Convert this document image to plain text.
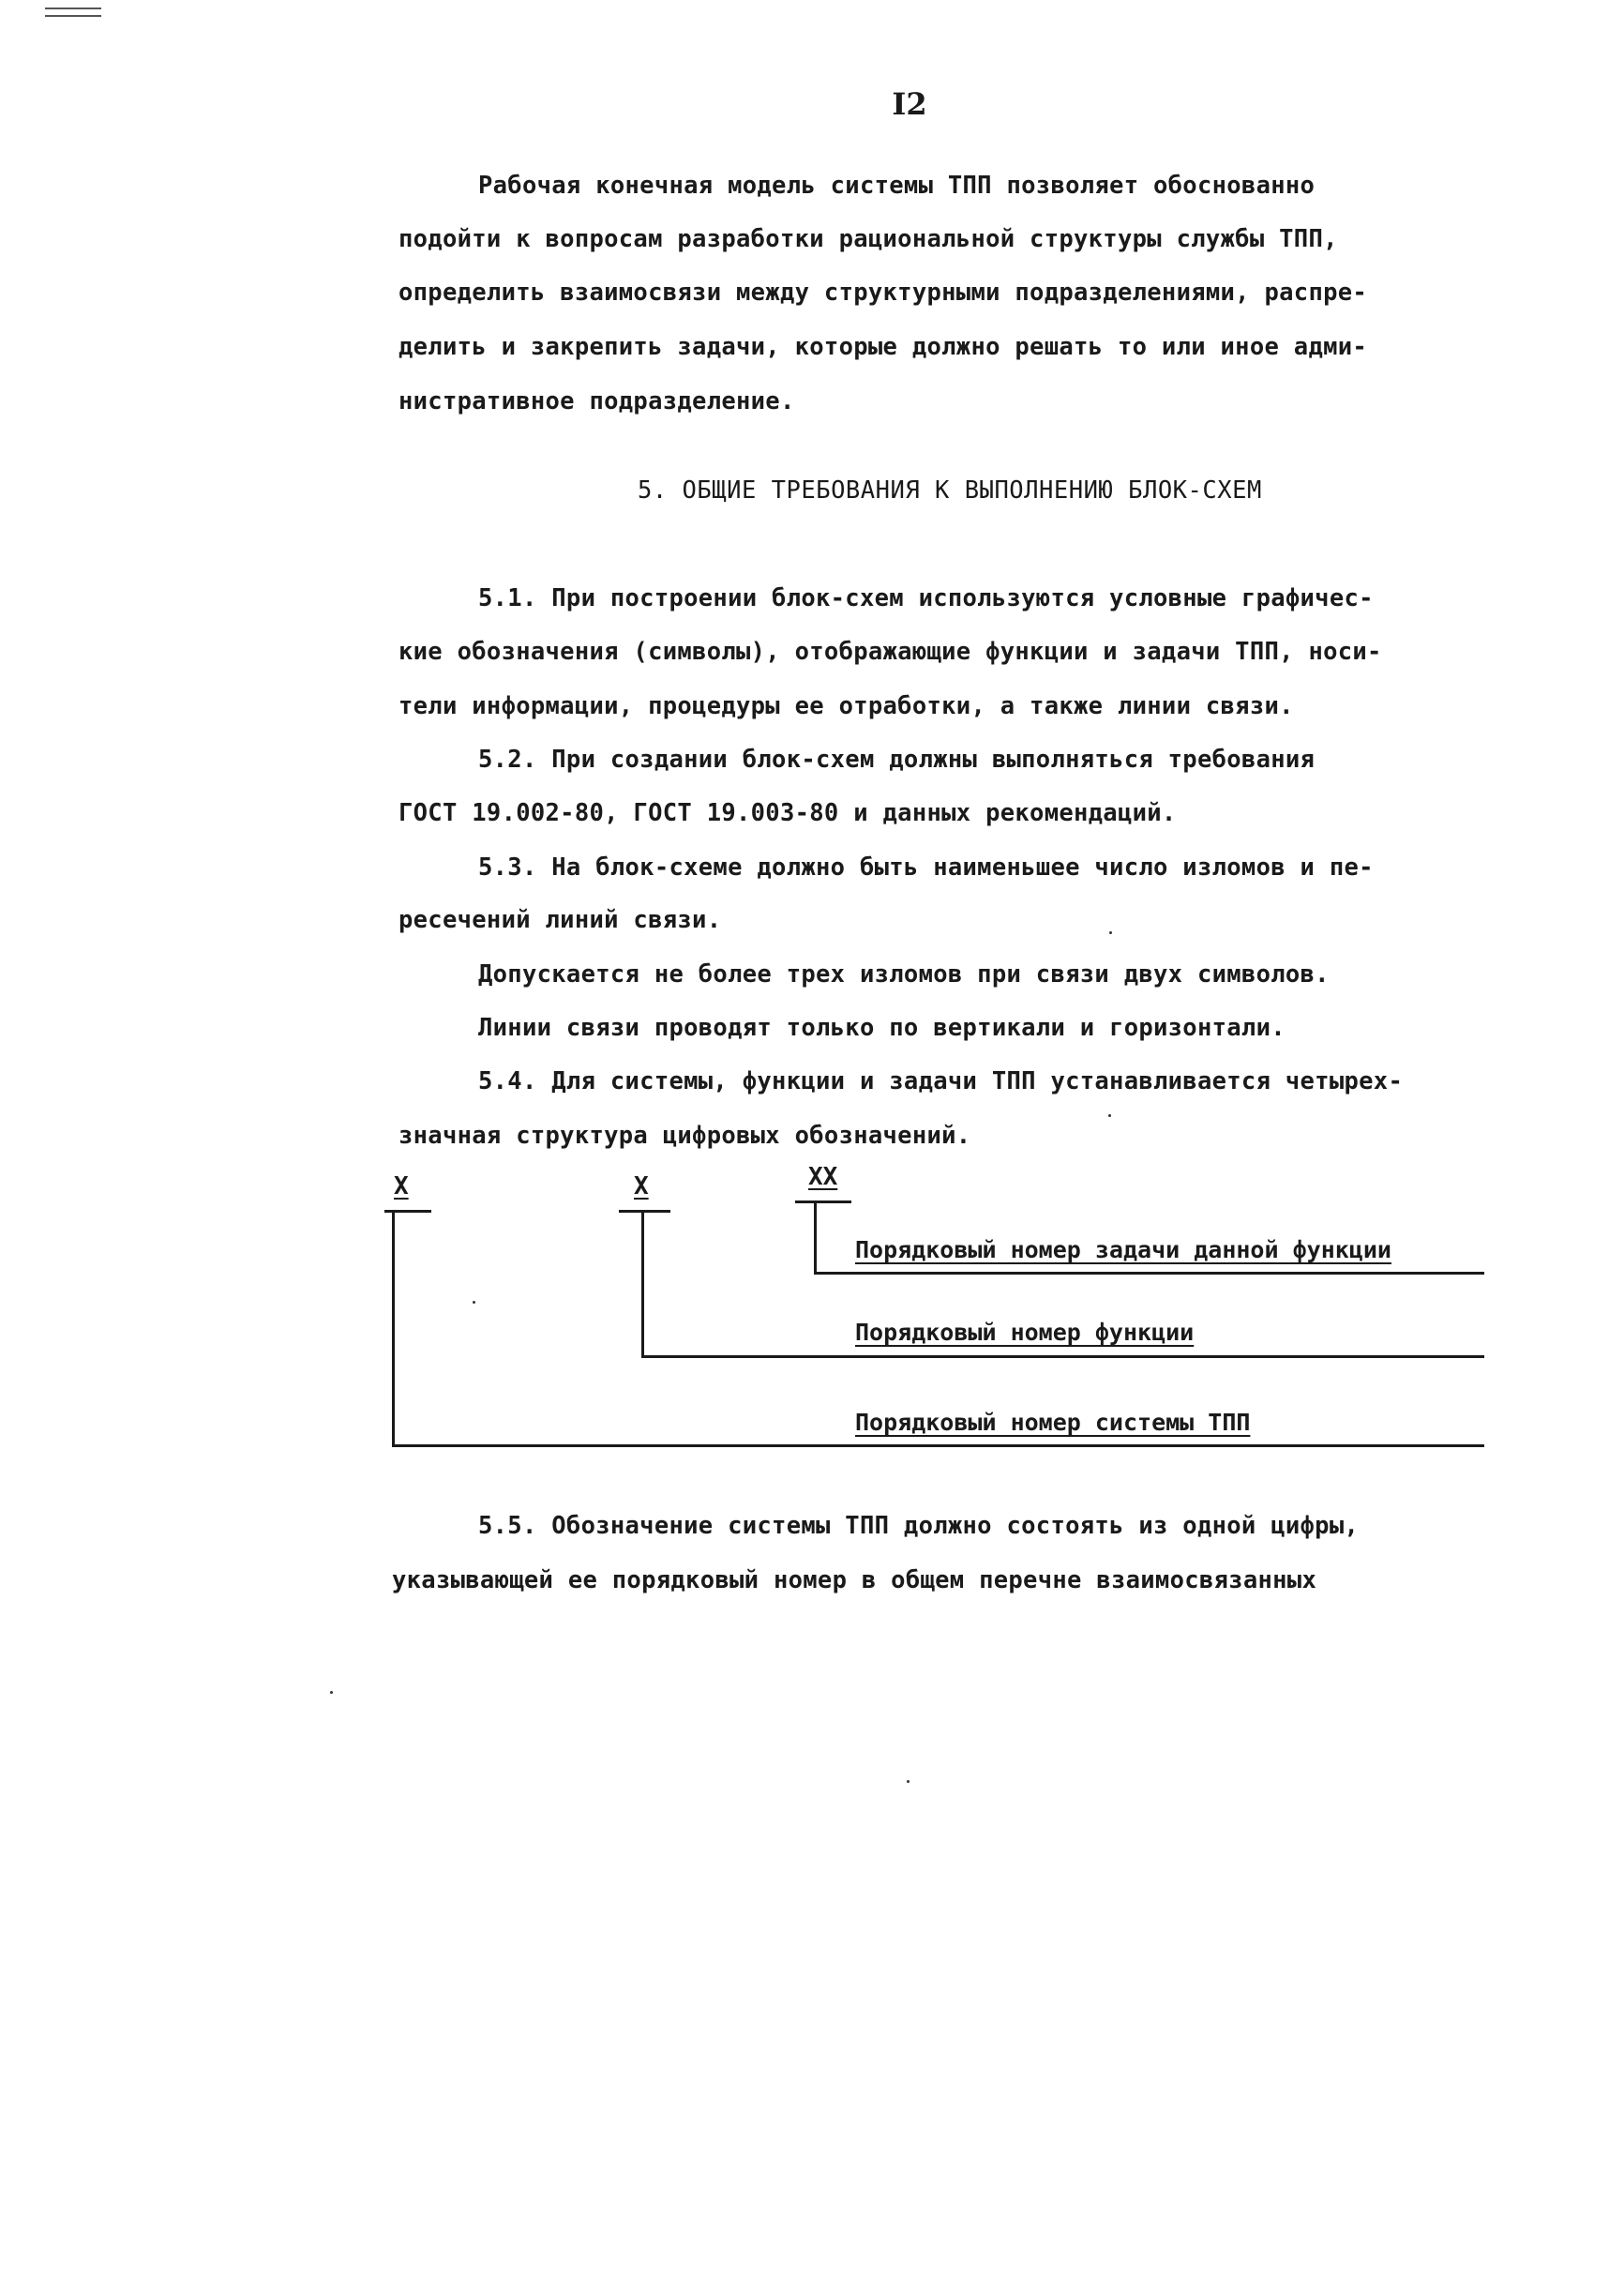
I2
Рабочая конечная модель системы ТПП позволяет обоснованно
подойти к вопросам разработки рациональной структуры службы ТПП,
определить взаимосвязи между структурными подразделениями, распре-
делить и закрепить задачи, которые должно решать то или иное адми-
нистративное подразделение.
5. ОБЩИЕ ТРЕБОВАНИЯ К ВЫПОЛНЕНИЮ БЛОК-СХЕМ
5.1. При построении блок-схем используются условные графичес-
кие обозначения (символы), отображающие функции и задачи ТПП, носи-
тели информации, процедуры ее отработки, а также линии связи.
5.2. При создании блок-схем должны выполняться требования
ГОСТ 19.002-80, ГОСТ 19.003-80 и данных рекомендаций.
5.3. На блок-схеме должно быть наименьшее число изломов и пе-
ресечений линий связи.
Допускается не более трех изломов при связи двух символов.
Линии связи проводят только по вертикали и горизонтали.
5.4. Для системы, функции и задачи ТПП устанавливается четырех-
значная структура цифровых обозначений.
X	X	XX
Порядковый номер задачи данной функции
Порядковый номер функции
Порядковый номер системы ТПП
5.5. Обозначение системы ТПП должно состоять из одной цифры,
указывающей ее порядковый номер в общем перечне взаимосвязанных
